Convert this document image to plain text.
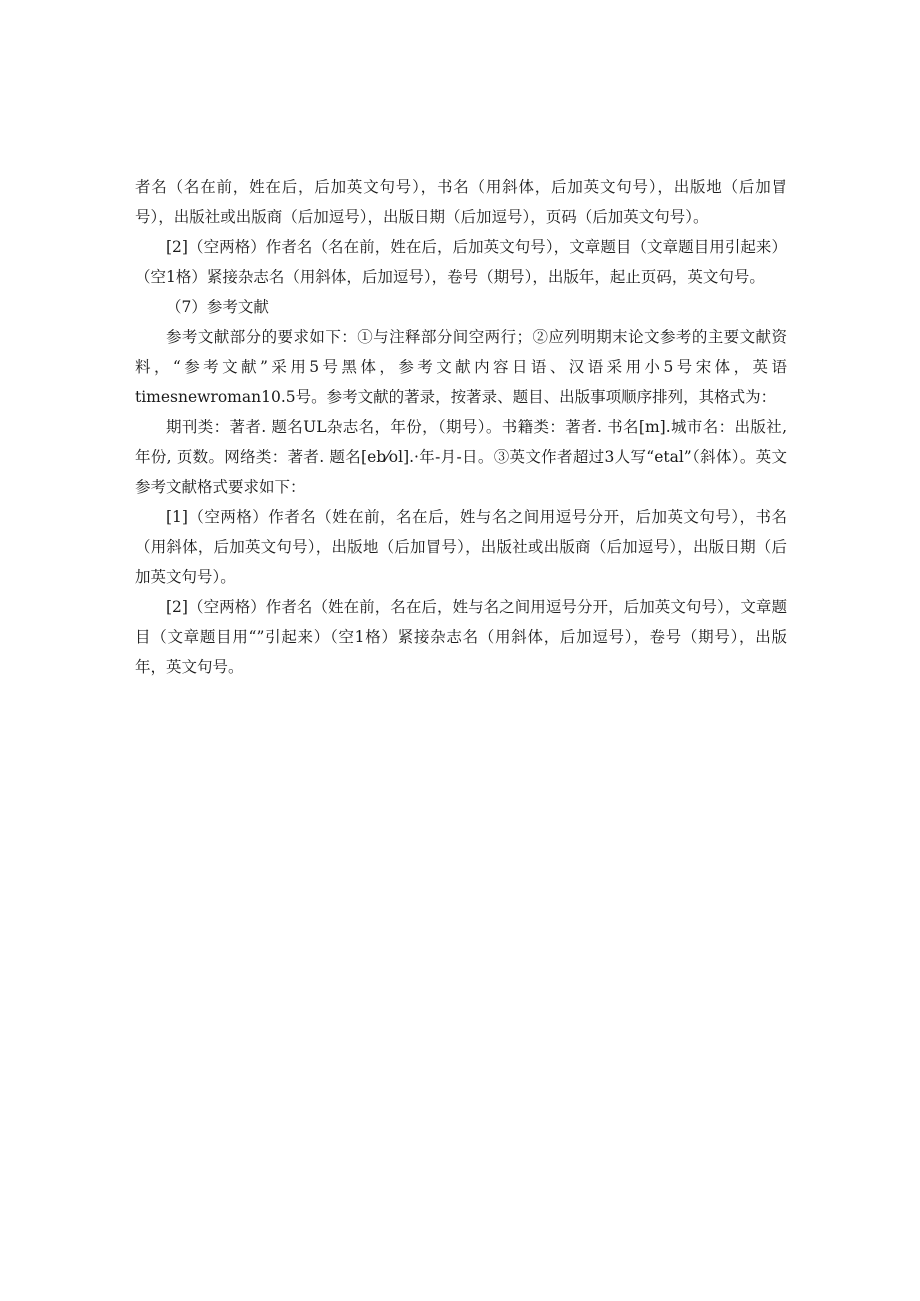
者名（名在前，姓在后，后加英文句号），书名（用斜体，后加英文句号），出版地（后加冒号），出版社或出版商（后加逗号），出版日期（后加逗号），页码（后加英文句号）。

[2]（空两格）作者名（名在前，姓在后，后加英文句号），文章题目（文章题目用引起来）（空1格）紧接杂志名（用斜体，后加逗号），卷号（期号），出版年，起止页码，英文句号。

（7）参考文献

参考文献部分的要求如下：①与注释部分间空两行；②应列明期末论文参考的主要文献资料，“参考文献”采用5号黑体，参考文献内容日语、汉语采用小5号宋体，英语timesnewroman10.5号。参考文献的著录，按著录、题目、出版事项顺序排列，其格式为：

期刊类：著者. 题名UL杂志名，年份，（期号）。书籍类：著者. 书名[m].城市名：出版社, 年份, 页数。网络类：著者. 题名[eb⁄ol].·年-月-日。③英文作者超过3人写“etal”（斜体）。英文参考文献格式要求如下：

[1]（空两格）作者名（姓在前，名在后，姓与名之间用逗号分开，后加英文句号），书名（用斜体，后加英文句号），出版地（后加冒号），出版社或出版商（后加逗号），出版日期（后加英文句号）。

[2]（空两格）作者名（姓在前，名在后，姓与名之间用逗号分开，后加英文句号），文章题目（文章题目用“”引起来）（空1格）紧接杂志名（用斜体，后加逗号），卷号（期号），出版年，英文句号。
